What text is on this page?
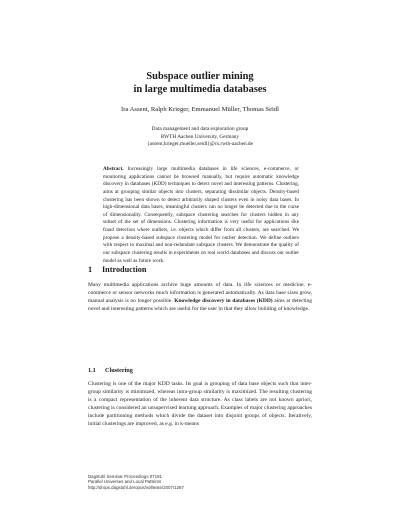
Subspace outlier mining
in large multimedia databases
Ira Assent, Ralph Krieger, Emmanuel Müller, Thomas Seidl
Data management and data exploration group
RWTH Aachen University, Germany
{assent,krieger,mueller,seidl}@cs.rwth-aachen.de

Abstract. Increasingly large multimedia databases in life sciences, e-commerce, or monitoring applications cannot be browsed manually, but require automatic knowledge discovery in databases (KDD) techniques to detect novel and interesting patterns. Clustering, aims at grouping similar objects into clusters, separating dissimilar objects. Density-based clustering has been shown to detect arbitrarily shaped clusters even in noisy data bases. In high-dimensional data bases, meaningful clusters can no longer be detected due to the curse of dimensionality. Consequently, subspace clustering searches for clusters hidden in any subset of the set of dimensions. Clustering information is very useful for applications like fraud detection where outliers, i.e. objects which differ from all clusters, are searched. We propose a density-based subspace clustering model for outlier detection. We define outliers with respect to maximal and non-redundant subspace clusters. We demonstrate the quality of our subspace clustering results in experiments on real world databases and discuss our outlier model as well as future work.

1 Introduction

Many multimedia applications archive huge amounts of data. In life sciences or medicine, e-commerce or sensor networks much information is generated automatically. As data base sizes grow, manual analysis is no longer possible. Knowledge discovery in databases (KDD) aims at detecting novel and interesting patterns which are useful for the user in that they allow building of knowledge.

1.1 Clustering

Clustering is one of the major KDD tasks. Its goal is grouping of data base objects such that inter-group similarity is minimized, whereas intra-group similarity is maximized. The resulting clustering is a compact representation of the inherent data structure. As class labels are not known apriori, clustering is considered an unsupervised learning approach. Examples of major clustering approaches include partitioning methods which divide the dataset into disjoint groups of objects. Iteratively, initial clusterings are improved, as e.g. in k-means

Dagstuhl Seminar Proceedings 07181
Parallel Universes and Local Patterns
http://drops.dagstuhl.de/opus/volltexte/2007/1267
